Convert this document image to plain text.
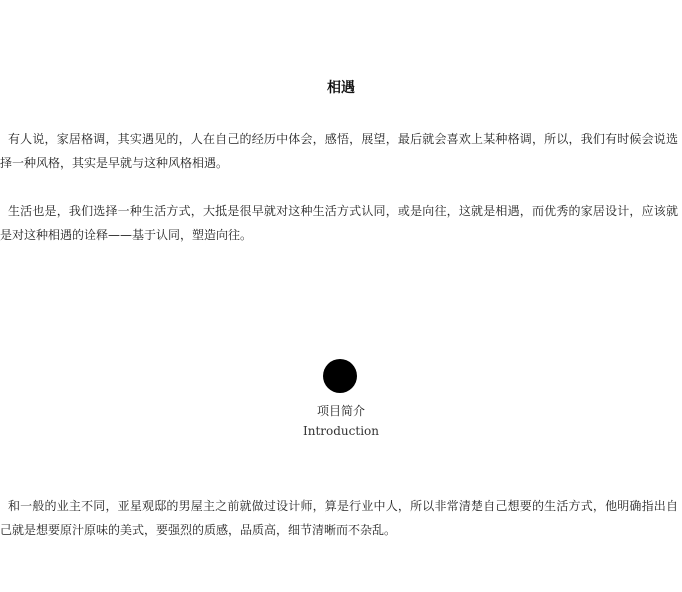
相遇

有人说，家居格调，其实遇见的，人在自己的经历中体会，感悟，展望，最后就会喜欢上某种格调，所以，我们有时候会说选择一种风格，其实是早就与这种风格相遇。

生活也是，我们选择一种生活方式，大抵是很早就对这种生活方式认同，或是向往，这就是相遇，而优秀的家居设计，应该就是对这种相遇的诠释——基于认同，塑造向往。

项目简介
Introduction

和一般的业主不同，亚星观邸的男屋主之前就做过设计师，算是行业中人，所以非常清楚自己想要的生活方式，他明确指出自己就是想要原汁原味的美式，要强烈的质感，品质高，细节清晰而不杂乱。
